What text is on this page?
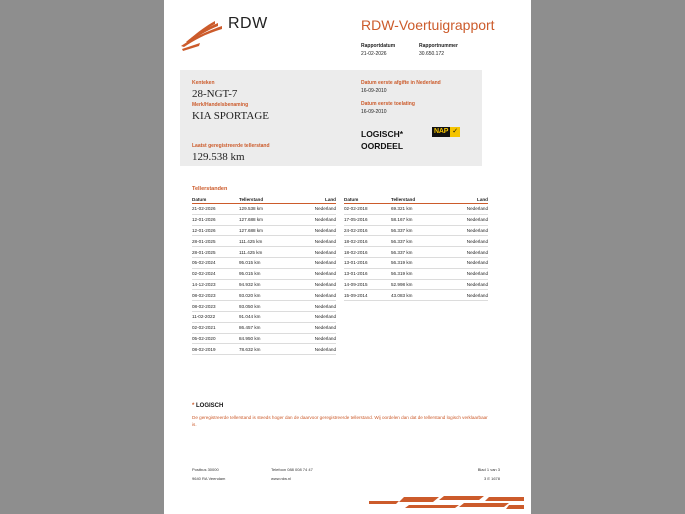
RDW	RDW-Voertuigrapport
Rapportdatum
21-02-2026
Rapportnummer
30.650.172
Kenteken
28-NGT-7
Merk/Handelsbenaming
KIA SPORTAGE
Laatst geregistreerde tellerstand
129.538 km
Datum eerste afgifte in Nederland
16-09-2010
Datum eerste toelating
16-09-2010
LOGISCH*
OORDEEL
NAP ✓
Tellerstanden
Datum	Tellerstand	Land
21-02-2026	129.538 km	Nederland
12-01-2026	127.688 km	Nederland
12-01-2026	127.688 km	Nederland
28-01-2025	111.425 km	Nederland
28-01-2025	111.425 km	Nederland
05-02-2024	95.015 km	Nederland
02-02-2024	95.015 km	Nederland
14-12-2023	94.932 km	Nederland
08-02-2023	93.020 km	Nederland
08-02-2023	93.050 km	Nederland
11-02-2022	91.044 km	Nederland
02-02-2021	86.457 km	Nederland
05-02-2020	84.950 km	Nederland
08-02-2019	78.632 km	Nederland
Datum	Tellerstand	Land
02-02-2018	69.321 km	Nederland
17-05-2016	58.167 km	Nederland
24-02-2016	56.337 km	Nederland
18-02-2016	56.337 km	Nederland
18-02-2016	56.337 km	Nederland
13-01-2016	56.319 km	Nederland
13-01-2016	56.319 km	Nederland
14-09-2015	52.998 km	Nederland
15-09-2014	43.083 km	Nederland
* LOGISCH
De geregistreerde tellerstand is steeds hoger dan de daarvoor geregistreerde tellerstand. Wij oordelen dan dat de tellerstand logisch verklaarbaar is.
Postbus 30000
9640 RA Veendam
Telefoon 088 008 74 47
www.rdw.nl
Blad 1 van 3
3 E 1678
